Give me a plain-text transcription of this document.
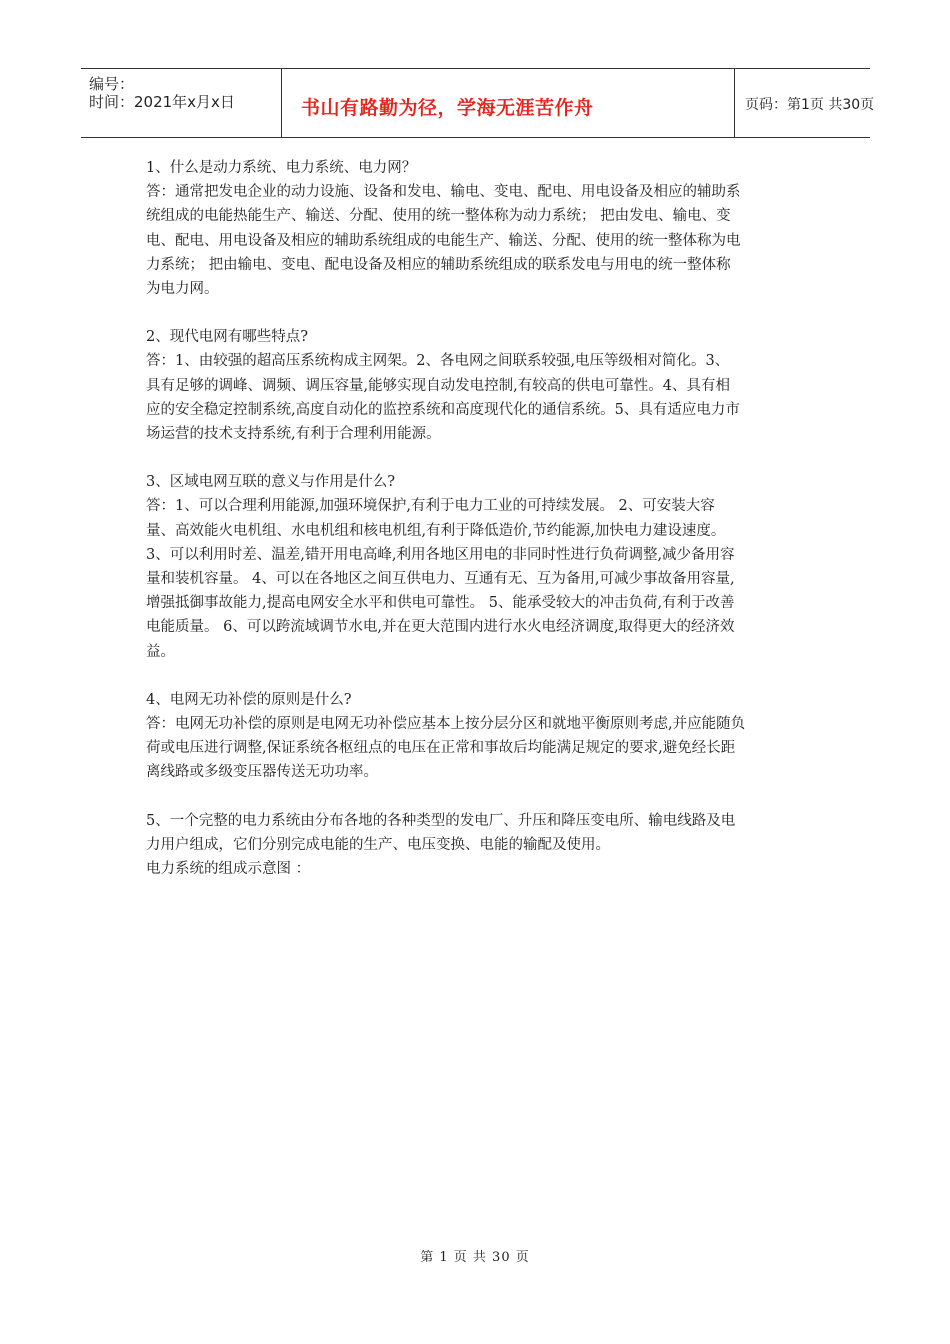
编号：
时间：2021年x月x日	书山有路勤为径，学海无涯苦作舟	页码：第1页 共30页

1、什么是动力系统、电力系统、电力网？

答：通常把发电企业的动力设施、设备和发电、输电、变电、配电、用电设备及相应的辅助系

统组成的电能热能生产、输送、分配、使用的统一整体称为动力系统； 把由发电、输电、变

电、配电、用电设备及相应的辅助系统组成的电能生产、输送、分配、使用的统一整体称为电

力系统； 把由输电、变电、配电设备及相应的辅助系统组成的联系发电与用电的统一整体称

为电力网。

2、现代电网有哪些特点?

答：1、由较强的超高压系统构成主网架。2、各电网之间联系较强,电压等级相对简化。3、

具有足够的调峰、调频、调压容量,能够实现自动发电控制,有较高的供电可靠性。4、具有相

应的安全稳定控制系统,高度自动化的监控系统和高度现代化的通信系统。5、具有适应电力市

场运营的技术支持系统,有利于合理利用能源。

3、区域电网互联的意义与作用是什么?

答：1、可以合理利用能源,加强环境保护,有利于电力工业的可持续发展。 2、可安装大容

量、高效能火电机组、水电机组和核电机组,有利于降低造价,节约能源,加快电力建设速度。

3、可以利用时差、温差,错开用电高峰,利用各地区用电的非同时性进行负荷调整,减少备用容

量和装机容量。 4、可以在各地区之间互供电力、互通有无、互为备用,可减少事故备用容量,

增强抵御事故能力,提高电网安全水平和供电可靠性。 5、能承受较大的冲击负荷,有利于改善

电能质量。 6、可以跨流域调节水电,并在更大范围内进行水火电经济调度,取得更大的经济效

益。

4、电网无功补偿的原则是什么?

答：电网无功补偿的原则是电网无功补偿应基本上按分层分区和就地平衡原则考虑,并应能随负

荷或电压进行调整,保证系统各枢纽点的电压在正常和事故后均能满足规定的要求,避免经长距

离线路或多级变压器传送无功功率。

5、一个完整的电力系统由分布各地的各种类型的发电厂、升压和降压变电所、输电线路及电

力用户组成，它们分别完成电能的生产、电压变换、电能的输配及使用。

电力系统的组成示意图 ：

第 1 页 共 30 页
